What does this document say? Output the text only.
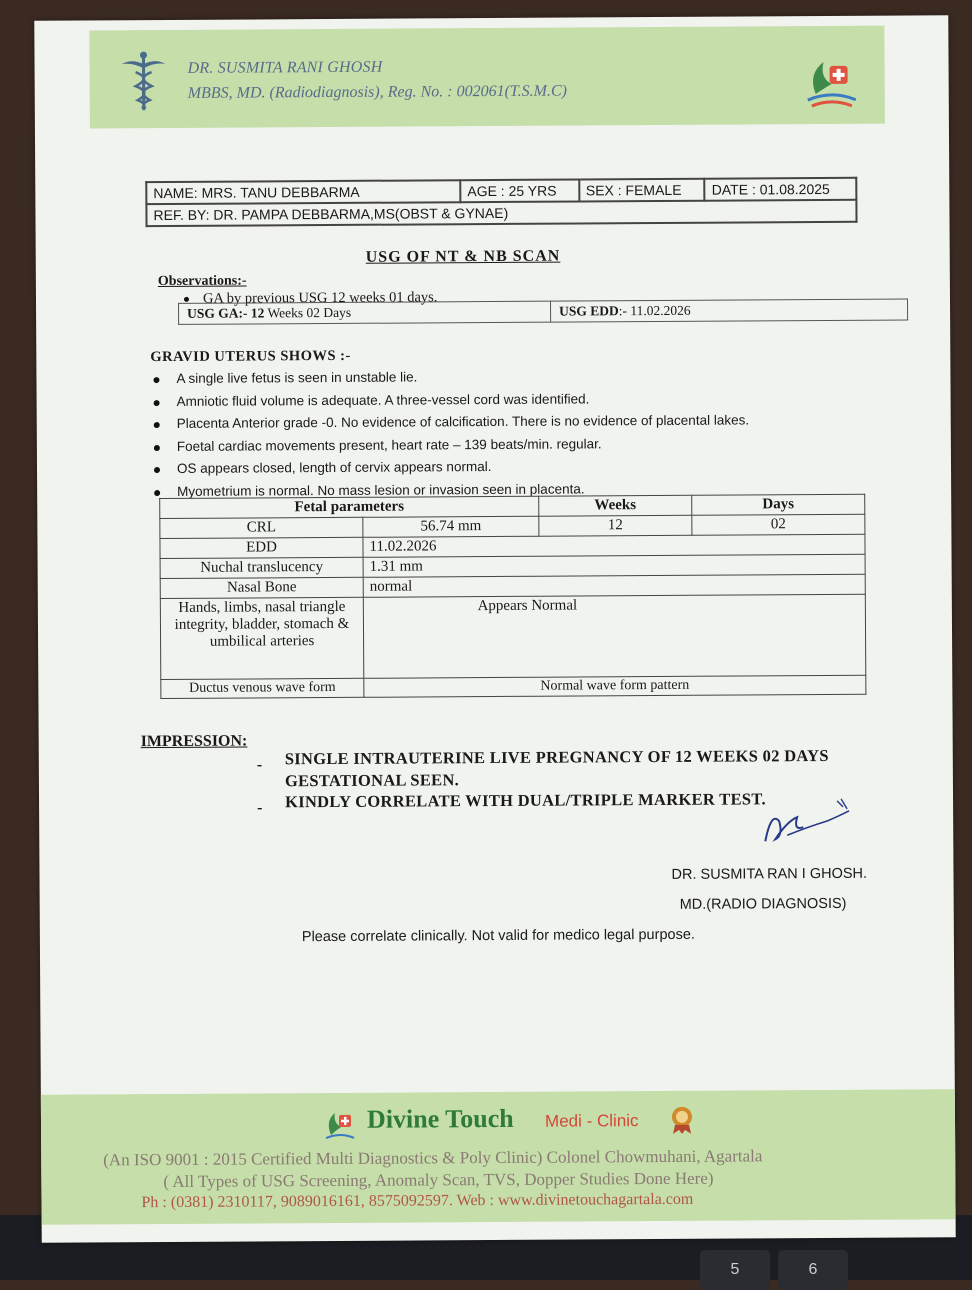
5	6
DR. SUSMITA RANI GHOSH
MBBS, MD. (Radiodiagnosis), Reg. No. : 002061(T.S.M.C)
NAME: MRS. TANU DEBBARMA	AGE : 25 YRS	SEX : FEMALE	DATE : 01.08.2025
REF. BY: DR. PAMPA DEBBARMA,MS(OBST & GYNAE)
USG OF NT & NB SCAN
Observations:-
GA by previous USG 12 weeks 01 days.
USG GA:- 12 Weeks 02 Days	USG EDD:- 11.02.2026
GRAVID UTERUS SHOWS :-
A single live fetus is seen in unstable lie.
Amniotic fluid volume is adequate. A three-vessel cord was identified.
Placenta Anterior grade -0. No evidence of calcification. There is no evidence of placental lakes.
Foetal cardiac movements present, heart rate – 139 beats/min. regular.
OS appears closed, length of cervix appears normal.
Myometrium is normal. No mass lesion or invasion seen in placenta.
Fetal parameters		Weeks	Days
CRL	56.74 mm	12	02
EDD	11.02.2026		
Nuchal translucency	1.31 mm		
Nasal Bone	normal		
Hands, limbs, nasal triangle integrity, bladder, stomach & umbilical arteries	Appears Normal		
Ductus venous wave form	Normal wave form pattern		
IMPRESSION:
- SINGLE INTRAUTERINE LIVE PREGNANCY OF 12 WEEKS 02 DAYS
GESTATIONAL SEEN.
- KINDLY CORRELATE WITH DUAL/TRIPLE MARKER TEST.
DR. SUSMITA RAN I GHOSH.
MD.(RADIO DIAGNOSIS)
Please correlate clinically. Not valid for medico legal purpose.
Divine Touch Medi - Clinic
(An ISO 9001 : 2015 Certified Multi Diagnostics & Poly Clinic) Colonel Chowmuhani, Agartala
( All Types of USG Screening, Anomaly Scan, TVS, Dopper Studies Done Here)
Ph : (0381) 2310117, 9089016161, 8575092597. Web : www.divinetouchagartala.com
